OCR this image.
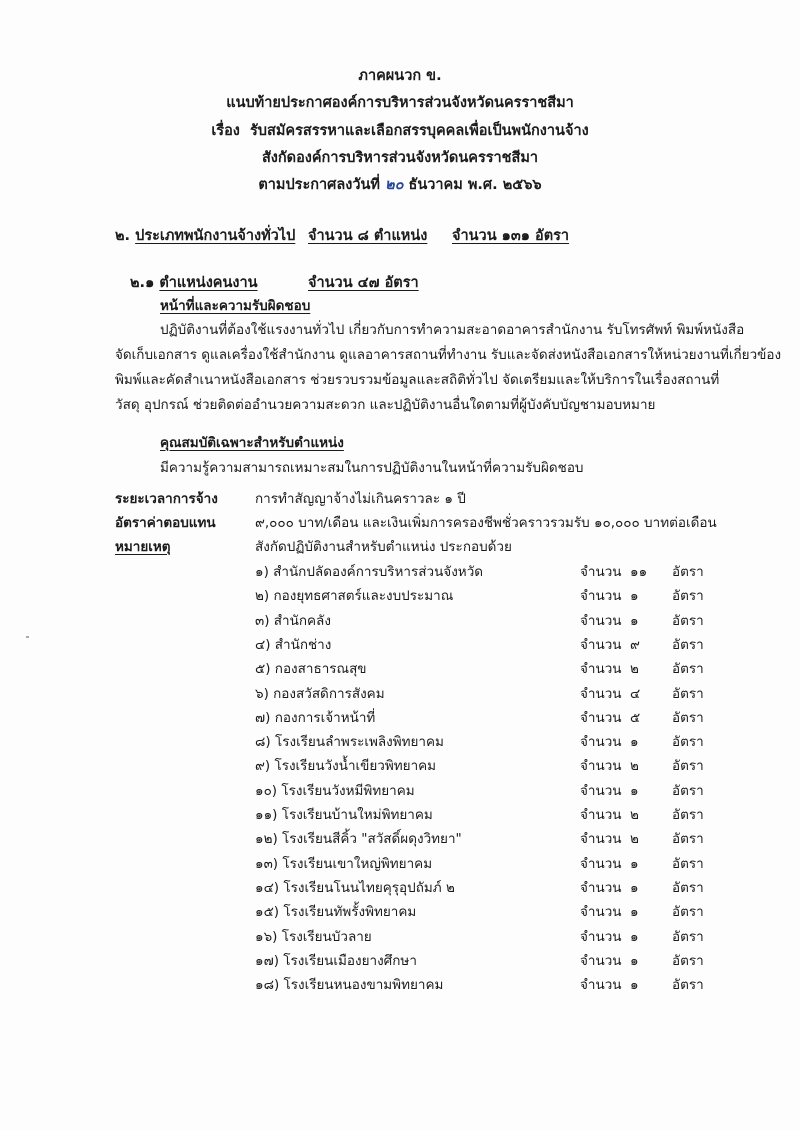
ภาคผนวก ข.
แนบท้ายประกาศองค์การบริหารส่วนจังหวัดนครราชสีมา
เรื่อง รับสมัครสรรหาและเลือกสรรบุคคลเพื่อเป็นพนักงานจ้าง
สังกัดองค์การบริหารส่วนจังหวัดนครราชสีมา
ตามประกาศลงวันที่ ๒๐ ธันวาคม พ.ศ. ๒๕๖๖
๒. ประเภทพนักงานจ้างทั่วไป จำนวน ๘ ตำแหน่ง จำนวน ๑๓๑ อัตรา
๒.๑ ตำแหน่งคนงาน	จำนวน ๔๗ อัตรา
หน้าที่และความรับผิดชอบ
ปฏิบัติงานที่ต้องใช้แรงงานทั่วไป เกี่ยวกับการทำความสะอาดอาคารสำนักงาน รับโทรศัพท์ พิมพ์หนังสือ
จัดเก็บเอกสาร ดูแลเครื่องใช้สำนักงาน ดูแลอาคารสถานที่ทำงาน รับและจัดส่งหนังสือเอกสารให้หน่วยงานที่เกี่ยวข้อง
พิมพ์และคัดสำเนาหนังสือเอกสาร ช่วยรวบรวมข้อมูลและสถิติทั่วไป จัดเตรียมและให้บริการในเรื่องสถานที่
วัสดุ อุปกรณ์ ช่วยติดต่ออำนวยความสะดวก และปฏิบัติงานอื่นใดตามที่ผู้บังคับบัญชามอบหมาย
คุณสมบัติเฉพาะสำหรับตำแหน่ง
มีความรู้ความสามารถเหมาะสมในการปฏิบัติงานในหน้าที่ความรับผิดชอบ
ระยะเวลาการจ้าง	การทำสัญญาจ้างไม่เกินคราวละ ๑ ปี
อัตราค่าตอบแทน	๙,๐๐๐ บาท/เดือน และเงินเพิ่มการครองชีพชั่วคราวรวมรับ ๑๐,๐๐๐ บาทต่อเดือน
หมายเหตุ	สังกัดปฏิบัติงานสำหรับตำแหน่ง ประกอบด้วย
๑) สำนักปลัดองค์การบริหารส่วนจังหวัด	จำนวน ๑๑	อัตรา
๒) กองยุทธศาสตร์และงบประมาณ	จำนวน ๑	อัตรา
๓) สำนักคลัง	จำนวน ๑	อัตรา
๔) สำนักช่าง	จำนวน ๙	อัตรา
๕) กองสาธารณสุข	จำนวน ๒	อัตรา
๖) กองสวัสดิการสังคม	จำนวน ๔	อัตรา
๗) กองการเจ้าหน้าที่	จำนวน ๕	อัตรา
๘) โรงเรียนลำพระเพลิงพิทยาคม	จำนวน ๑	อัตรา
๙) โรงเรียนวังน้ำเขียวพิทยาคม	จำนวน ๒	อัตรา
๑๐) โรงเรียนวังหมีพิทยาคม	จำนวน ๑	อัตรา
๑๑) โรงเรียนบ้านใหม่พิทยาคม	จำนวน ๒	อัตรา
๑๒) โรงเรียนสีคิ้ว "สวัสดิ์ผดุงวิทยา"	จำนวน ๒	อัตรา
๑๓) โรงเรียนเขาใหญ่พิทยาคม	จำนวน ๑	อัตรา
๑๔) โรงเรียนโนนไทยคุรุอุปถัมภ์ ๒	จำนวน ๑	อัตรา
๑๕) โรงเรียนทัพรั้งพิทยาคม	จำนวน ๑	อัตรา
๑๖) โรงเรียนบัวลาย	จำนวน ๑	อัตรา
๑๗) โรงเรียนเมืองยางศึกษา	จำนวน ๑	อัตรา
๑๘) โรงเรียนหนองขามพิทยาคม	จำนวน ๑	อัตรา
